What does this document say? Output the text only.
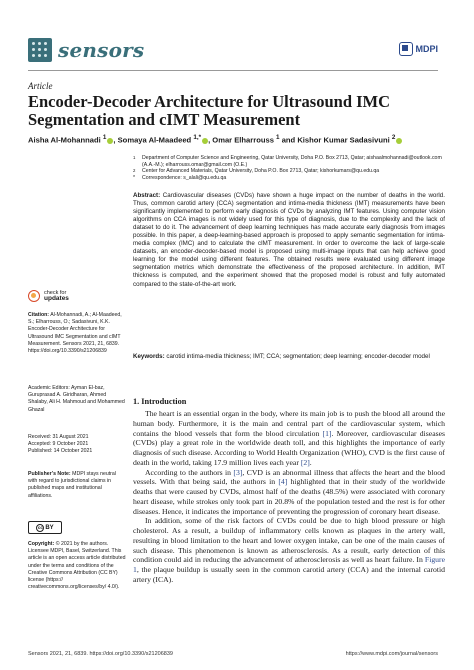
sensors	MDPI
Article
Encoder-Decoder Architecture for Ultrasound IMC Segmentation and cIMT Measurement
Aisha Al-Mohannadi $^1$ , Somaya Al-Maadeed $^{1,*}$ , Omar Elharrouss $^1$ and Kishor Kumar Sadasivuni $^2$
1	Department of Computer Science and Engineering, Qatar University, Doha P.O. Box 2713, Qatar; aishaalmohannadi@outlook.com (A.A.-M.); elharrouss.omar@gmail.com (O.E.)
2	Center for Advanced Materials, Qatar University, Doha P.O. Box 2713, Qatar; kishorkumars@qu.edu.qa
*	Correspondence: s_alali@qu.edu.qa
Abstract: Cardiovascular diseases (CVDs) have shown a huge impact on the number of deaths in the world. Thus, common carotid artery (CCA) segmentation and intima-media thickness (IMT) measurements have been significantly implemented to perform early diagnosis of CVDs by analyzing IMT features. Using computer vision algorithms on CCA images is not widely used for this type of diagnosis, due to the complexity and the lack of dataset to do it. The advancement of deep learning techniques has made accurate early diagnosis from images possible. In this paper, a deep-learning-based approach is proposed to apply semantic segmentation for intima-media complex (IMC) and to calculate the cIMT measurement. In order to overcome the lack of large-scale datasets, an encoder-decoder-based model is proposed using multi-image inputs that can help achieve good learning for the model using different features. The obtained results were evaluated using different image segmentation metrics which demonstrate the effectiveness of the proposed architecture. In addition, IMT thickness is computed, and the experiment showed that the proposed model is robust and fully automated compared to the state-of-the-art work.
Keywords: carotid intima-media thickness; IMT; CCA; segmentation; deep learning; encoder-decoder model
check for
updates
Citation: Al-Mohannadi, A.; Al-Maadeed, S.; Elharrouss, O.; Sadasivuni, K.K. Encoder-Decoder Architecture for Ultrasound IMC Segmentation and cIMT Measurement. Sensors 2021, 21, 6839. https://doi.org/10.3390/s21206839
Academic Editors: Ayman El-baz, Guruprasad A. Giridharan, Ahmed Shalaby, Ali H. Mahmoud and Mohammed Ghazal
Received: 31 August 2021
Accepted: 9 October 2021
Published: 14 October 2021
Publisher’s Note: MDPI stays neutral with regard to jurisdictional claims in published maps and institutional affiliations.
cc BY
Copyright: © 2021 by the authors. Licensee MDPI, Basel, Switzerland. This article is an open access article distributed under the terms and conditions of the Creative Commons Attribution (CC BY) license (https:// creativecommons.org/licenses/by/ 4.0/).
1. Introduction

The heart is an essential organ in the body, where its main job is to push the blood all around the human body. Furthermore, it is the main and central part of the cardiovascular system, which contains the blood vessels that form the blood circulation [1]. Moreover, cardiovascular diseases (CVDs) play a great role in the worldwide death toll, and this highlights the importance of early diagnosis of such disease. According to World Health Organization (WHO), CVD is the first cause of death in the world, taking 17.9 million lives each year [2].

According to the authors in [3], CVD is an abnormal illness that affects the heart and the blood vessels. With that being said, the authors in [4] highlighted that in their study of the worldwide deaths that were caused by CVDs, almost half of the deaths (48.5%) were associated with coronary heart disease, while strokes only took part in 20.8% of the population tested and the rest is for other diseases. Hence, it indicates the importance of preventing the progression of coronary heart disease.

In addition, some of the risk factors of CVDs could be due to high blood pressure or high cholesterol. As a result, a buildup of inflammatory cells known as plaques in the artery wall, resulting in blood limitation to the heart and lower oxygen intake, can be one of the main causes of such disease. This phenomenon is known as atherosclerosis. As a result, early detection of this condition could aid in reducing the advancement of atherosclerosis as well as heart failure. In Figure 1, the plaque buildup is usually seen in the common carotid artery (CCA) and the internal carotid artery (ICA).

Sensors 2021, 21, 6839. https://doi.org/10.3390/s21206839	https://www.mdpi.com/journal/sensors
